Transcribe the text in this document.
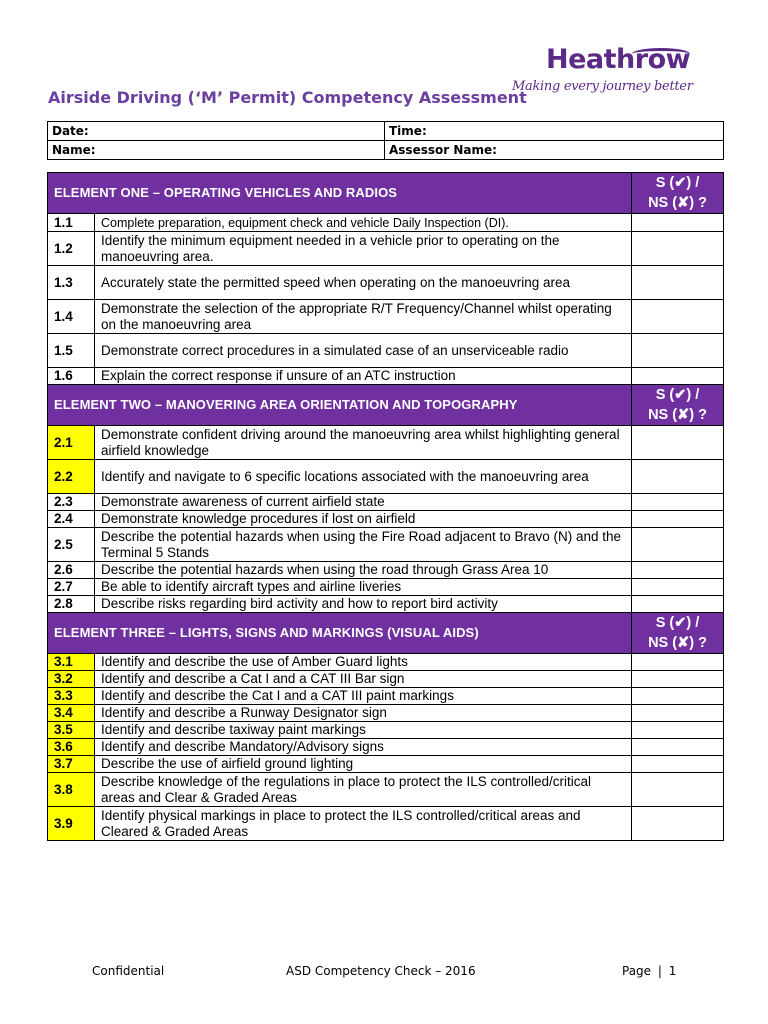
Heathrow
Making every journey better
Airside Driving (‘M’ Permit) Competency Assessment
Date:	Time:
Name:	Assessor Name:
ELEMENT ONE – OPERATING VEHICLES AND RADIOS		S (✔) /
NS (✘) ?

1.1	Complete preparation, equipment check and vehicle Daily Inspection (DI).	
1.2	Identify the minimum equipment needed in a vehicle prior to operating on the manoeuvring area.	
1.3	Accurately state the permitted speed when operating on the manoeuvring area	
1.4	Demonstrate the selection of the appropriate R/T Frequency/Channel whilst operating on the manoeuvring area	
1.5	Demonstrate correct procedures in a simulated case of an unserviceable radio	
1.6	Explain the correct response if unsure of an ATC instruction	
ELEMENT TWO – MANOVERING AREA ORIENTATION AND TOPOGRAPHY		S (✔) /
NS (✘) ?

2.1	Demonstrate confident driving around the manoeuvring area whilst highlighting general airfield knowledge	
2.2	Identify and navigate to 6 specific locations associated with the manoeuvring area	
2.3	Demonstrate awareness of current airfield state	
2.4	Demonstrate knowledge procedures if lost on airfield	
2.5	Describe the potential hazards when using the Fire Road adjacent to Bravo (N) and the Terminal 5 Stands	
2.6	Describe the potential hazards when using the road through Grass Area 10	
2.7	Be able to identify aircraft types and airline liveries	
2.8	Describe risks regarding bird activity and how to report bird activity	
ELEMENT THREE – LIGHTS, SIGNS AND MARKINGS (VISUAL AIDS)		S (✔) /
NS (✘) ?

3.1	Identify and describe the use of Amber Guard lights	
3.2	Identify and describe a Cat I and a CAT III Bar sign	
3.3	Identify and describe the Cat I and a CAT III paint markings	
3.4	Identify and describe a Runway Designator sign	
3.5	Identify and describe taxiway paint markings	
3.6	Identify and describe Mandatory/Advisory signs	
3.7	Describe the use of airfield ground lighting	
3.8	Describe knowledge of the regulations in place to protect the ILS controlled/critical areas and Clear & Graded Areas	
3.9	Identify physical markings in place to protect the ILS controlled/critical areas and Cleared & Graded Areas	
Confidential	ASD Competency Check – 2016	Page | 1
